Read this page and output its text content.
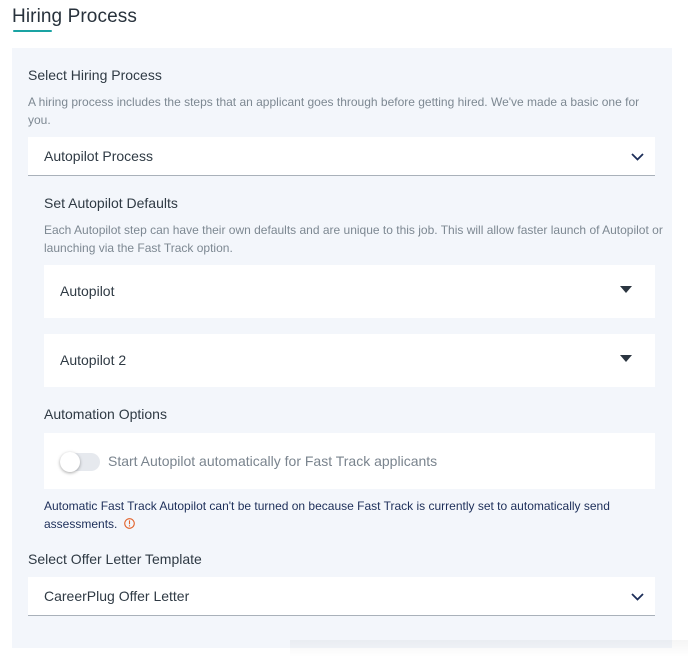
Hiring Process
Select Hiring Process
A hiring process includes the steps that an applicant goes through before getting hired. We've made a basic one for you.
Autopilot Process
Set Autopilot Defaults
Each Autopilot step can have their own defaults and are unique to this job. This will allow faster launch of Autopilot or launching via the Fast Track option.
Autopilot
Autopilot 2
Automation Options
Start Autopilot automatically for Fast Track applicants
Automatic Fast Track Autopilot can't be turned on because Fast Track is currently set to automatically send assessments.
Select Offer Letter Template
CareerPlug Offer Letter
